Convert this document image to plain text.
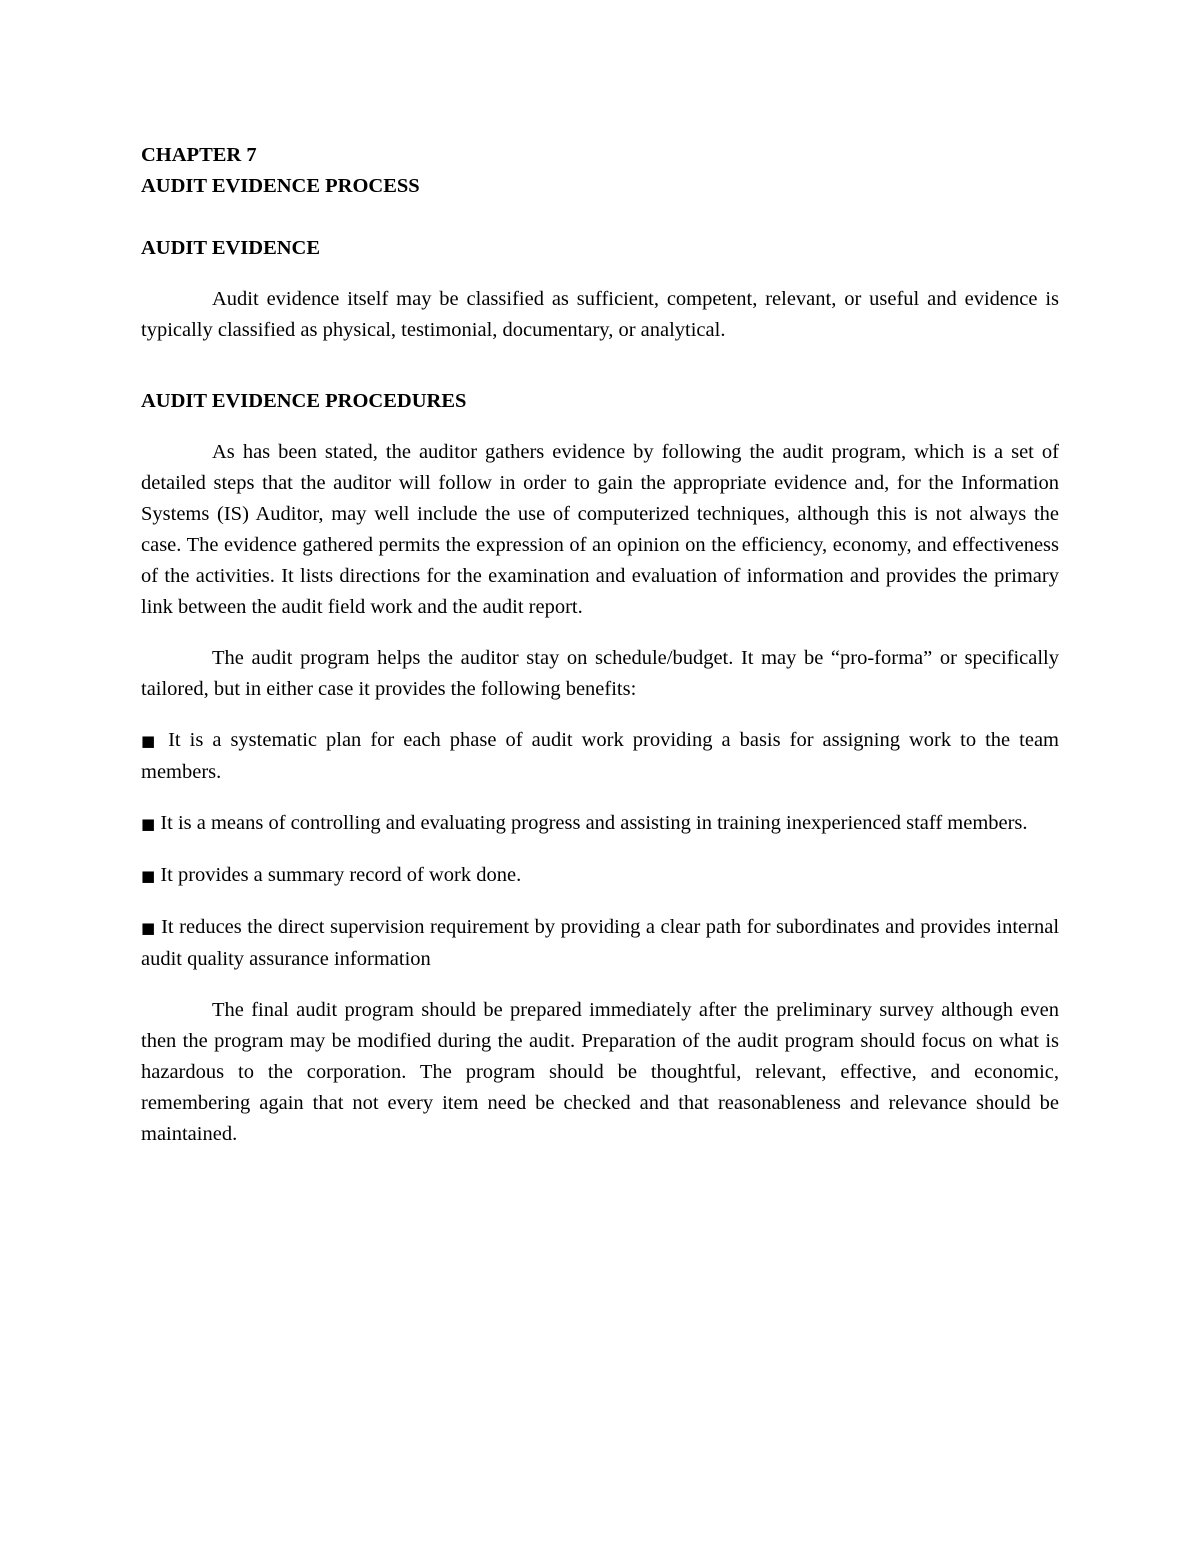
CHAPTER 7

AUDIT EVIDENCE PROCESS

AUDIT EVIDENCE

Audit evidence itself may be classified as sufficient, competent, relevant, or useful and evidence is typically classified as physical, testimonial, documentary, or analytical.

AUDIT EVIDENCE PROCEDURES

As has been stated, the auditor gathers evidence by following the audit program, which is a set of detailed steps that the auditor will follow in order to gain the appropriate evidence and, for the Information Systems (IS) Auditor, may well include the use of computerized techniques, although this is not always the case. The evidence gathered permits the expression of an opinion on the efficiency, economy, and effectiveness of the activities. It lists directions for the examination and evaluation of information and provides the primary link between the audit field work and the audit report.

The audit program helps the auditor stay on schedule/budget. It may be “pro-forma” or specifically tailored, but in either case it provides the following benefits:

■ It is a systematic plan for each phase of audit work providing a basis for assigning work to the team members.

■ It is a means of controlling and evaluating progress and assisting in training inexperienced staff members.

■ It provides a summary record of work done.

■ It reduces the direct supervision requirement by providing a clear path for subordinates and provides internal audit quality assurance information

The final audit program should be prepared immediately after the preliminary survey although even then the program may be modified during the audit. Preparation of the audit program should focus on what is hazardous to the corporation. The program should be thoughtful, relevant, effective, and economic, remembering again that not every item need be checked and that reasonableness and relevance should be maintained.
